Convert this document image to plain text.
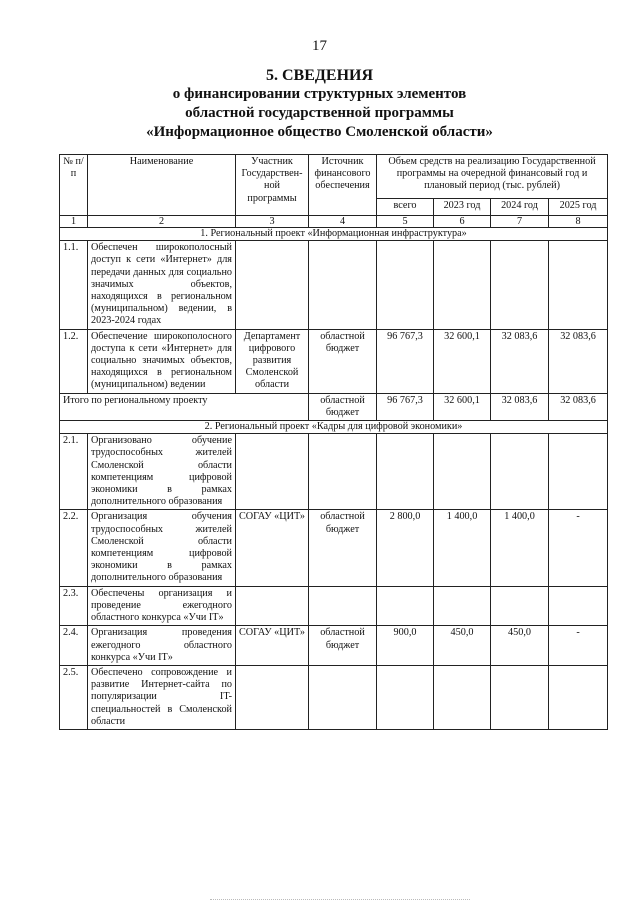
17
5. СВЕДЕНИЯ
о финансировании структурных элементов
областной государственной программы
«Информационное общество Смоленской области»
№ п/п	Наименование	Участник Государствен-ной программы	Источник финансового обеспечения	Объем средств на реализацию Государственной программы на очередной финансовый год и плановый период (тыс. рублей)			
				всего	2023 год	2024 год	2025 год
1	2	3	4	5	6	7	8
1. Региональный проект «Информационная инфраструктура»							
1.1.	Обеспечен широкополосный доступ к сети «Интернет» для передачи данных для социально значимых объектов, находящихся в региональном (муниципальном) ведении, в 2023-2024 годах						
1.2.	Обеспечение широкополосного доступа к сети «Интернет» для социально значимых объектов, находящихся в региональном (муниципальном) ведении	Департамент цифрового развития Смоленской области	областной бюджет	96 767,3	32 600,1	32 083,6	32 083,6
Итого по региональному проекту			областной бюджет	96 767,3	32 600,1	32 083,6	32 083,6
2. Региональный проект «Кадры для цифровой экономики»							
2.1.	Организовано обучение трудоспособных жителей Смоленской области компетенциям цифровой экономики в рамках дополнительного образования						
2.2.	Организация обучения трудоспособных жителей Смоленской области компетенциям цифровой экономики в рамках дополнительного образования	СОГАУ «ЦИТ»	областной бюджет	2 800,0	1 400,0	1 400,0	-
2.3.	Обеспечены организация и проведение ежегодного областного конкурса «Учи IT»						
2.4.	Организация проведения ежегодного областного конкурса «Учи IT»	СОГАУ «ЦИТ»	областной бюджет	900,0	450,0	450,0	-
2.5.	Обеспечено сопровождение и развитие Интернет-сайта по популяризации IT-специальностей в Смоленской области						
